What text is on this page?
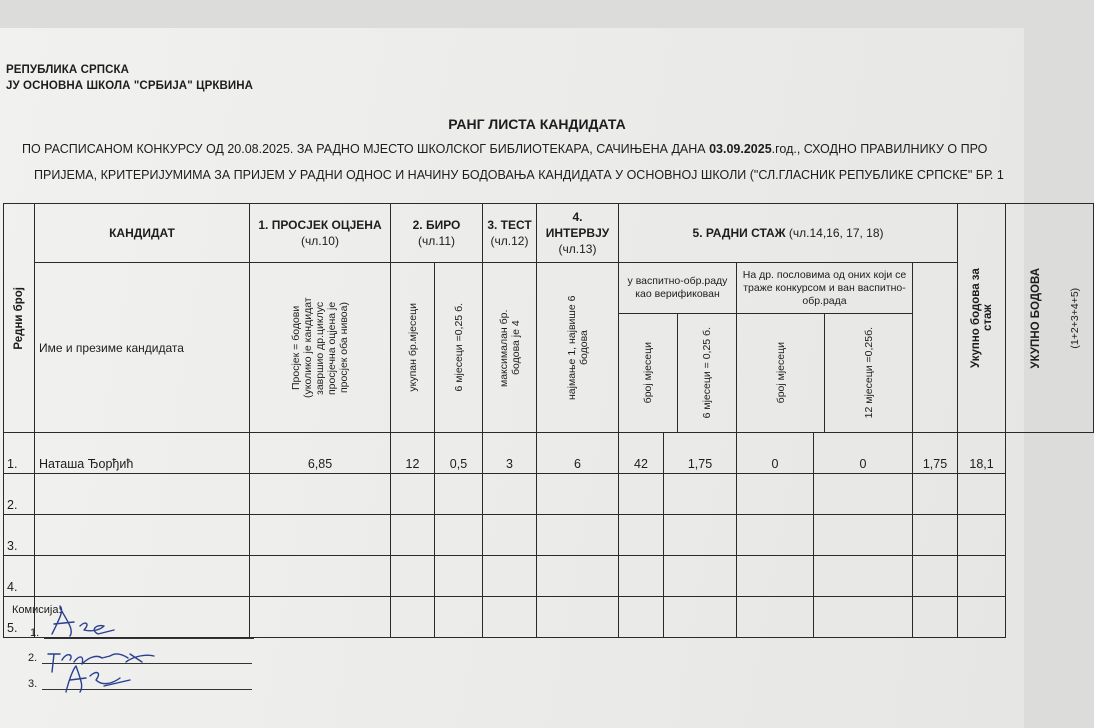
РЕПУБЛИКА СРПСКА
ЈУ ОСНОВНА ШКОЛА "СРБИЈА" ЦРКВИНА
РАНГ ЛИСТА КАНДИДАТА
ПО РАСПИСАНОМ КОНКУРСУ ОД 20.08.2025. ЗА РАДНО МЈЕСТО ШКОЛСКОГ БИБЛИОТЕКАРА, САЧИЊЕНА ДАНА 03.09.2025.год., СХОДНО ПРАВИЛНИКУ О ПРО
ПРИЈЕМА, КРИТЕРИЈУМИМА ЗА ПРИЈЕМ У РАДНИ ОДНОС И НАЧИНУ БОДОВАЊА КАНДИДАТА У ОСНОВНОЈ ШКОЛИ ("СЛ.ГЛАСНИК РЕПУБЛИКЕ СРПСКЕ" БР. 1
Редни број
	КАНДИДАТ	
1. ПРОСЈЕК ОЦЈЕНА
(чл.10)

2. БИРО
(чл.11)

3. ТЕСТ
(чл.12)

4.
ИНТЕРВЈУ
(чл.13)
	5. РАДНИ СТАЖ (чл.14,16, 17, 18)	
Укупно бодова за стаж	УКУПНО БОДОВА	(1+2+3+4+5)

Име и презиме кандидата	Просјек = бодови (уколико је кандидат завршио др.циклус просјечна оцјена је просјек оба нивоа)	укупан бр.мјесеци	6 мјесеци =0,25 б.	максималан бр. бодова је 4	најмање 1, највише 6 бодова

у васпитно-обр.раду као верификован

број мјесеци	6 мјесеци = 0,25 б.

На др. пословима од оних који се траже конкурсом и ван васпитно-обр.рада

број мјесеци	12 мјесеци =0,25б.

1.	Наташа Ђорђић	6,85	12	0,5	3	6	42	1,75	0	0	1,75	18,1
2.												
3.												
4.												
5.												
Комисија:
1.
2.
3.
